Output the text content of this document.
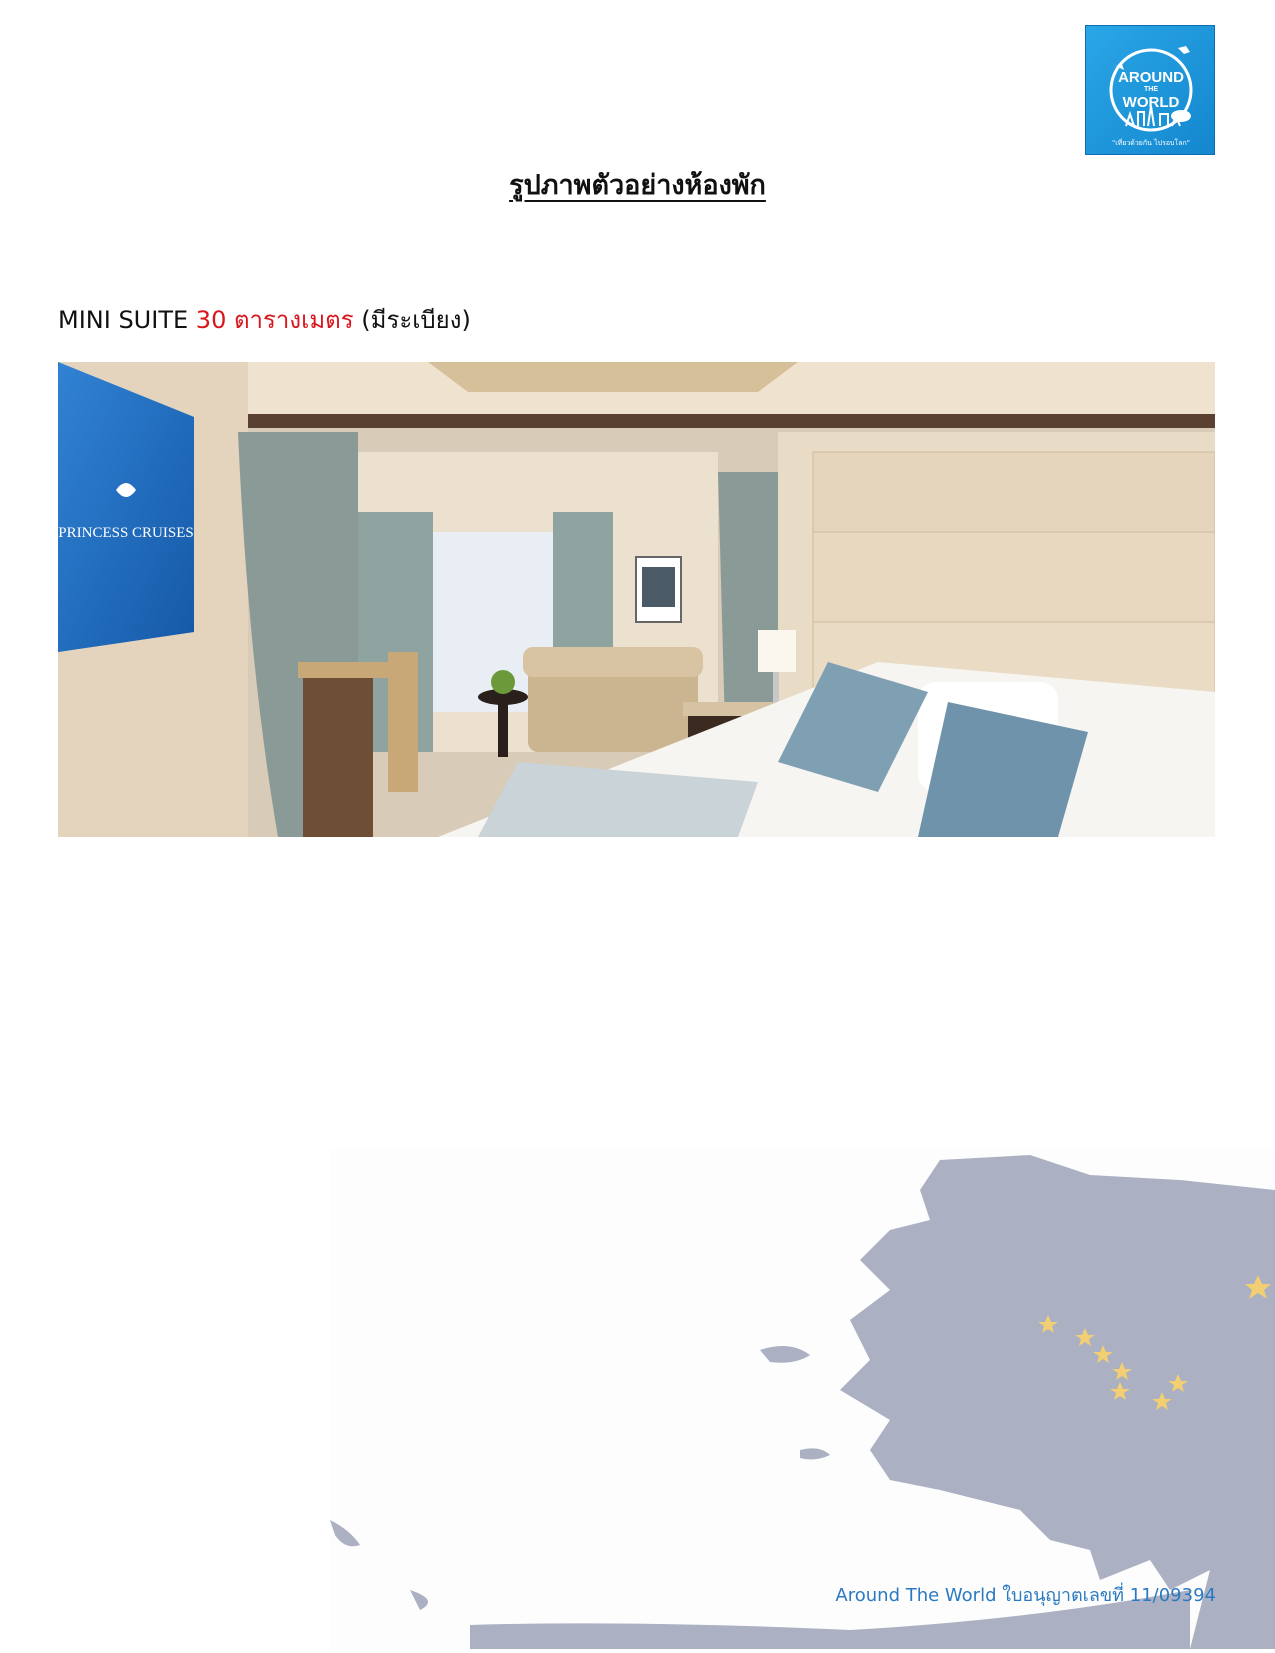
AROUND
THE
WORLD
"เที่ยวด้วยกัน ไปรอบโลก"
รูปภาพตัวอย่างห้องพัก

MINI SUITE 30 ตารางเมตร (มีระเบียง)

PRINCESS CRUISES

Around The World ใบอนุญาตเลขที่ 11/09394
